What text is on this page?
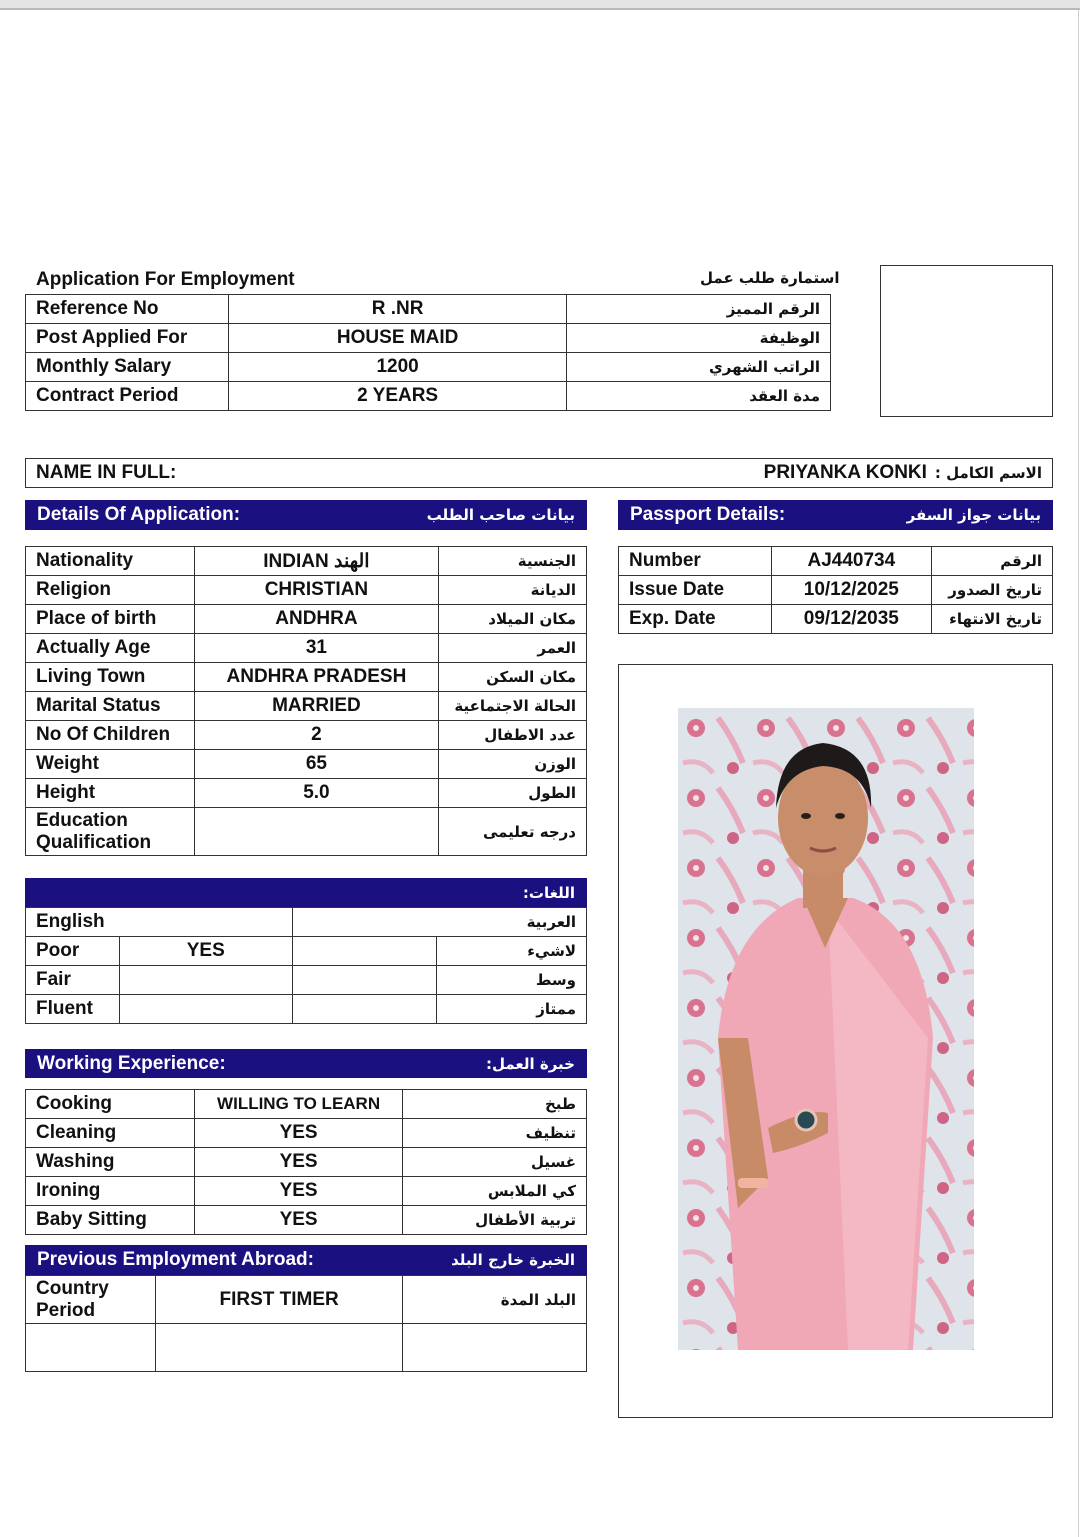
Application For Employment	استمارة طلب عمل
Reference No	R .NR	الرقم المميز
Post Applied For	HOUSE MAID	الوظيفة
Monthly Salary	1200	الراتب الشهري
Contract Period	2 YEARS	مدة العقد
NAME IN FULL:	PRIYANKA KONKI الاسم الكامل :
Details Of Application:	بيانات صاحب الطلب	Passport Details:	بيانات جواز السفر
Nationality	INDIAN الهند	الجنسية
Religion	CHRISTIAN	الديانة
Place of birth	ANDHRA	مكان الميلاد
Actually Age	31	العمر
Living Town	ANDHRA PRADESH	مكان السكن
Marital Status	MARRIED	الحالة الاجتماعية
No Of Children	2	عدد الاطفال
Weight	65	الوزن
Height	5.0	الطول
Education Qualification		درجه تعليمى
Number	AJ440734	الرقم
Issue Date	10/12/2025	تاريخ الصدور
Exp. Date	09/12/2035	تاريخ الانتهاء
اللغات:
English		العربية	
Poor	YES		لاشيء
Fair			وسط
Fluent			ممتاز
Working Experience:	خبرة العمل:
Cooking	WILLING TO LEARN	طبخ
Cleaning	YES	تنظيف
Washing	YES	غسيل
Ironing	YES	كي الملابس
Baby Sitting	YES	تربية الأطفال
Previous Employment Abroad:	الخبرة خارج البلد
Country
Period	FIRST TIMER	البلد المدة
